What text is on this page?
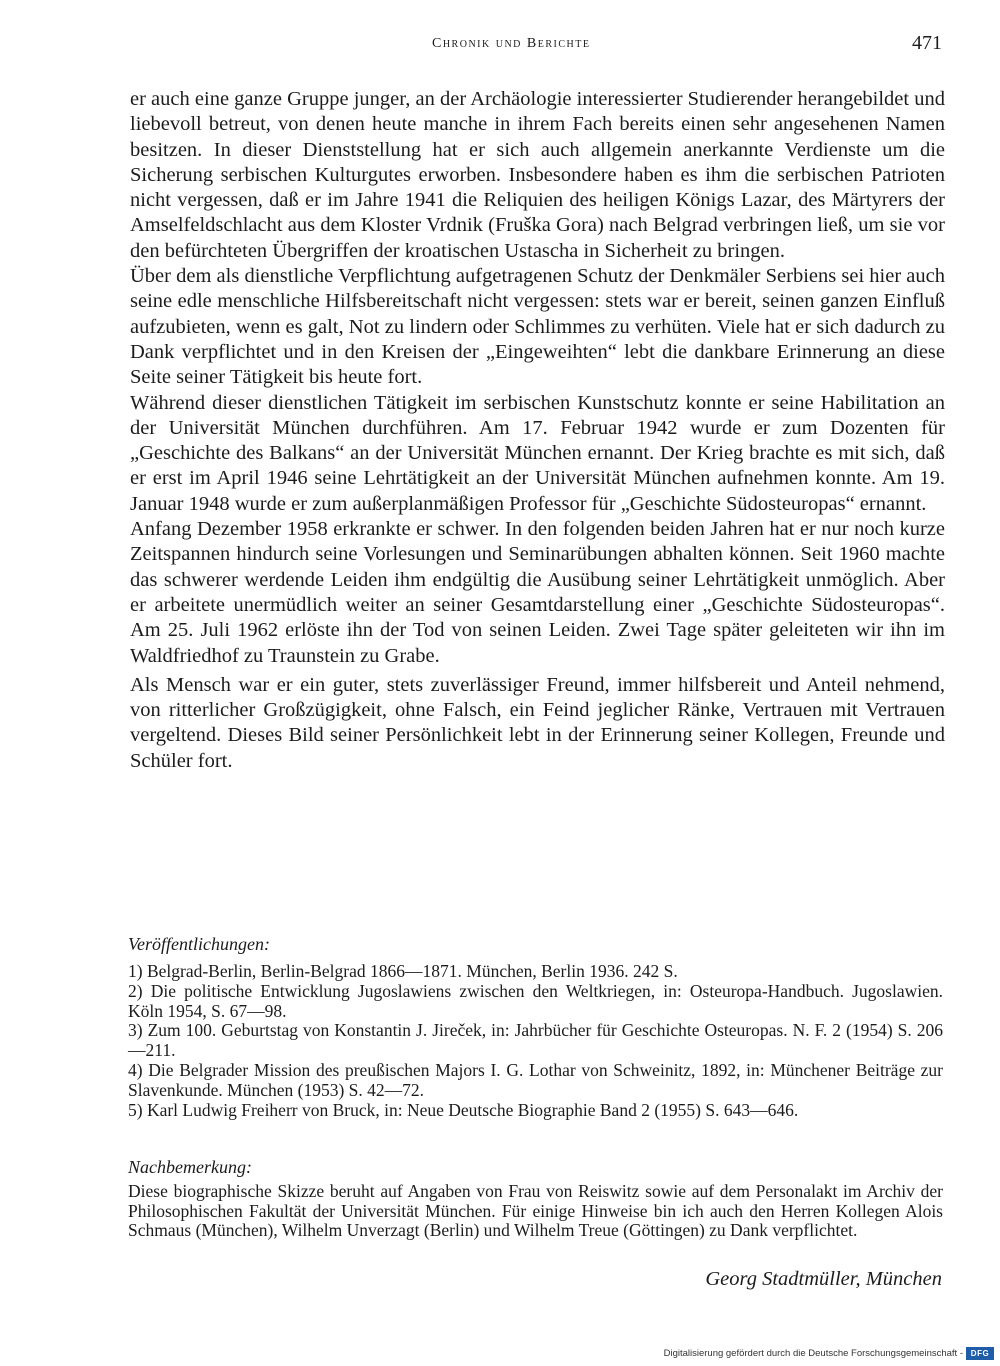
Chronik und Berichte	471

er auch eine ganze Gruppe junger, an der Archäologie interessierter Studierender herangebildet und liebevoll betreut, von denen heute manche in ihrem Fach bereits einen sehr angesehenen Namen besitzen. In dieser Dienststellung hat er sich auch allgemein anerkannte Verdienste um die Sicherung serbischen Kulturgutes erworben. Insbesondere haben es ihm die serbischen Patrioten nicht vergessen, daß er im Jahre 1941 die Reliquien des heiligen Königs Lazar, des Märtyrers der Amselfeldschlacht aus dem Kloster Vrdnik (Fruška Gora) nach Belgrad verbringen ließ, um sie vor den befürchteten Übergriffen der kroatischen Ustascha in Sicherheit zu bringen.

Über dem als dienstliche Verpflichtung aufgetragenen Schutz der Denkmäler Serbiens sei hier auch seine edle menschliche Hilfsbereitschaft nicht vergessen: stets war er bereit, seinen ganzen Einfluß aufzubieten, wenn es galt, Not zu lindern oder Schlimmes zu verhüten. Viele hat er sich dadurch zu Dank verpflichtet und in den Kreisen der „Eingeweihten“ lebt die dankbare Erinnerung an diese Seite seiner Tätigkeit bis heute fort.

Während dieser dienstlichen Tätigkeit im serbischen Kunstschutz konnte er seine Habilitation an der Universität München durchführen. Am 17. Februar 1942 wurde er zum Dozenten für „Geschichte des Balkans“ an der Universität München ernannt. Der Krieg brachte es mit sich, daß er erst im April 1946 seine Lehrtätigkeit an der Universität München aufnehmen konnte. Am 19. Januar 1948 wurde er zum außerplanmäßigen Professor für „Geschichte Südosteuropas“ ernannt.

Anfang Dezember 1958 erkrankte er schwer. In den folgenden beiden Jahren hat er nur noch kurze Zeitspannen hindurch seine Vorlesungen und Seminarübungen abhalten können. Seit 1960 machte das schwerer werdende Leiden ihm endgültig die Ausübung seiner Lehrtätigkeit unmöglich. Aber er arbeitete unermüdlich weiter an seiner Gesamtdarstellung einer „Geschichte Südosteuropas“. Am 25. Juli 1962 erlöste ihn der Tod von seinen Leiden. Zwei Tage später geleiteten wir ihn im Waldfriedhof zu Traunstein zu Grabe.

Als Mensch war er ein guter, stets zuverlässiger Freund, immer hilfsbereit und Anteil nehmend, von ritterlicher Großzügigkeit, ohne Falsch, ein Feind jeglicher Ränke, Vertrauen mit Vertrauen vergeltend. Dieses Bild seiner Persönlichkeit lebt in der Erinnerung seiner Kollegen, Freunde und Schüler fort.

Veröffentlichungen:
1) Belgrad-Berlin, Berlin-Belgrad 1866—1871. München, Berlin 1936. 242 S.
2) Die politische Entwicklung Jugoslawiens zwischen den Weltkriegen, in: Osteuropa-Handbuch. Jugoslawien. Köln 1954, S. 67—98.
3) Zum 100. Geburtstag von Konstantin J. Jireček, in: Jahrbücher für Geschichte Osteuropas. N. F. 2 (1954) S. 206—211.
4) Die Belgrader Mission des preußischen Majors I. G. Lothar von Schweinitz, 1892, in: Münchener Beiträge zur Slavenkunde. München (1953) S. 42—72.
5) Karl Ludwig Freiherr von Bruck, in: Neue Deutsche Biographie Band 2 (1955) S. 643—646.
Nachbemerkung:

Diese biographische Skizze beruht auf Angaben von Frau von Reiswitz sowie auf dem Personalakt im Archiv der Philosophischen Fakultät der Universität München. Für einige Hinweise bin ich auch den Herren Kollegen Alois Schmaus (München), Wilhelm Unverzagt (Berlin) und Wilhelm Treue (Göttingen) zu Dank verpflichtet.

Georg Stadtmüller, München
Digitalisierung gefördert durch die Deutsche Forschungsgemeinschaft - DFG
